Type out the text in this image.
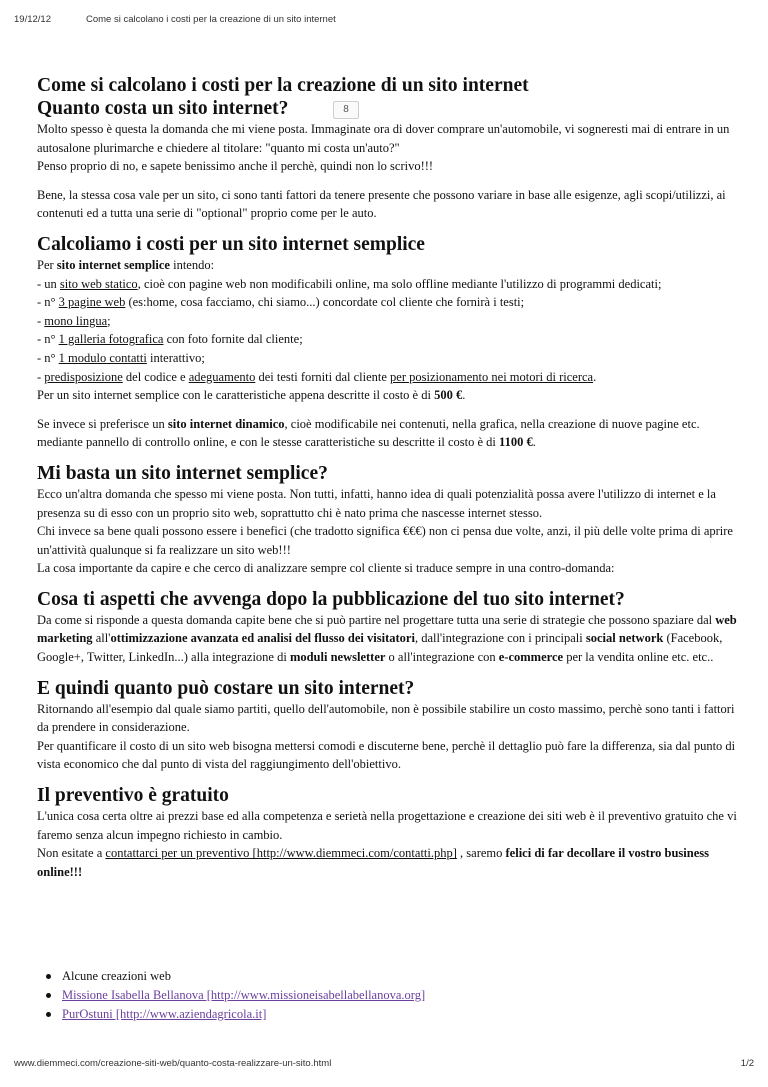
19/12/12	Come si calcolano i costi per la creazione di un sito internet
8
Come si calcolano i costi per la creazione di un sito internet
Quanto costa un sito internet?

Molto spesso è questa la domanda che mi viene posta. Immaginate ora di dover comprare un'automobile, vi sogneresti mai di entrare in un autosalone plurimarche e chiedere al titolare: "quanto mi costa un'auto?"
Penso proprio di no, e sapete benissimo anche il perchè, quindi non lo scrivo!!!

Bene, la stessa cosa vale per un sito, ci sono tanti fattori da tenere presente che possono variare in base alle esigenze, agli scopi/utilizzi, ai contenuti ed a tutta una serie di "optional" proprio come per le auto.

Calcoliamo i costi per un sito internet semplice

Per sito internet semplice intendo:
- un sito web statico, cioè con pagine web non modificabili online, ma solo offline mediante l'utilizzo di programmi dedicati;
- n° 3 pagine web (es:home, cosa facciamo, chi siamo...) concordate col cliente che fornirà i testi;
- mono lingua;
- n° 1 galleria fotografica con foto fornite dal cliente;
- n° 1 modulo contatti interattivo;
- predisposizione del codice e adeguamento dei testi forniti dal cliente per posizionamento nei motori di ricerca.
Per un sito internet semplice con le caratteristiche appena descritte il costo è di 500 €.

Se invece si preferisce un sito internet dinamico, cioè modificabile nei contenuti, nella grafica, nella creazione di nuove pagine etc. mediante pannello di controllo online, e con le stesse caratteristiche su descritte il costo è di 1100 €.

Mi basta un sito internet semplice?

Ecco un'altra domanda che spesso mi viene posta. Non tutti, infatti, hanno idea di quali potenzialità possa avere l'utilizzo di internet e la presenza su di esso con un proprio sito web, soprattutto chi è nato prima che nascesse internet stesso.
Chi invece sa bene quali possono essere i benefici (che tradotto significa €€€) non ci pensa due volte, anzi, il più delle volte prima di aprire un'attività qualunque si fa realizzare un sito web!!!
La cosa importante da capire e che cerco di analizzare sempre col cliente si traduce sempre in una contro-domanda:

Cosa ti aspetti che avvenga dopo la pubblicazione del tuo sito internet?

Da come si risponde a questa domanda capite bene che si può partire nel progettare tutta una serie di strategie che possono spaziare dal web marketing all'ottimizzazione avanzata ed analisi del flusso dei visitatori, dall'integrazione con i principali social network (Facebook, Google+, Twitter, LinkedIn...) alla integrazione di moduli newsletter o all'integrazione con e-commerce per la vendita online etc. etc..

E quindi quanto può costare un sito internet?

Ritornando all'esempio dal quale siamo partiti, quello dell'automobile, non è possibile stabilire un costo massimo, perchè sono tanti i fattori da prendere in considerazione.
Per quantificare il costo di un sito web bisogna mettersi comodi e discuterne bene, perchè il dettaglio può fare la differenza, sia dal punto di vista economico che dal punto di vista del raggiungimento dell'obiettivo.

Il preventivo è gratuito

L'unica cosa certa oltre ai prezzi base ed alla competenza e serietà nella progettazione e creazione dei siti web è il preventivo gratuito che vi faremo senza alcun impegno richiesto in cambio.
Non esitate a contattarci per un preventivo [http://www.diemmeci.com/contatti.php] , saremo felici di far decollare il vostro business online!!!

Alcune creazioni web
Missione Isabella Bellanova [http://www.missioneisabellabellanova.org]
PurOstuni [http://www.aziendagricola.it]
www.diemmeci.com/creazione-siti-web/quanto-costa-realizzare-un-sito.html	1/2
